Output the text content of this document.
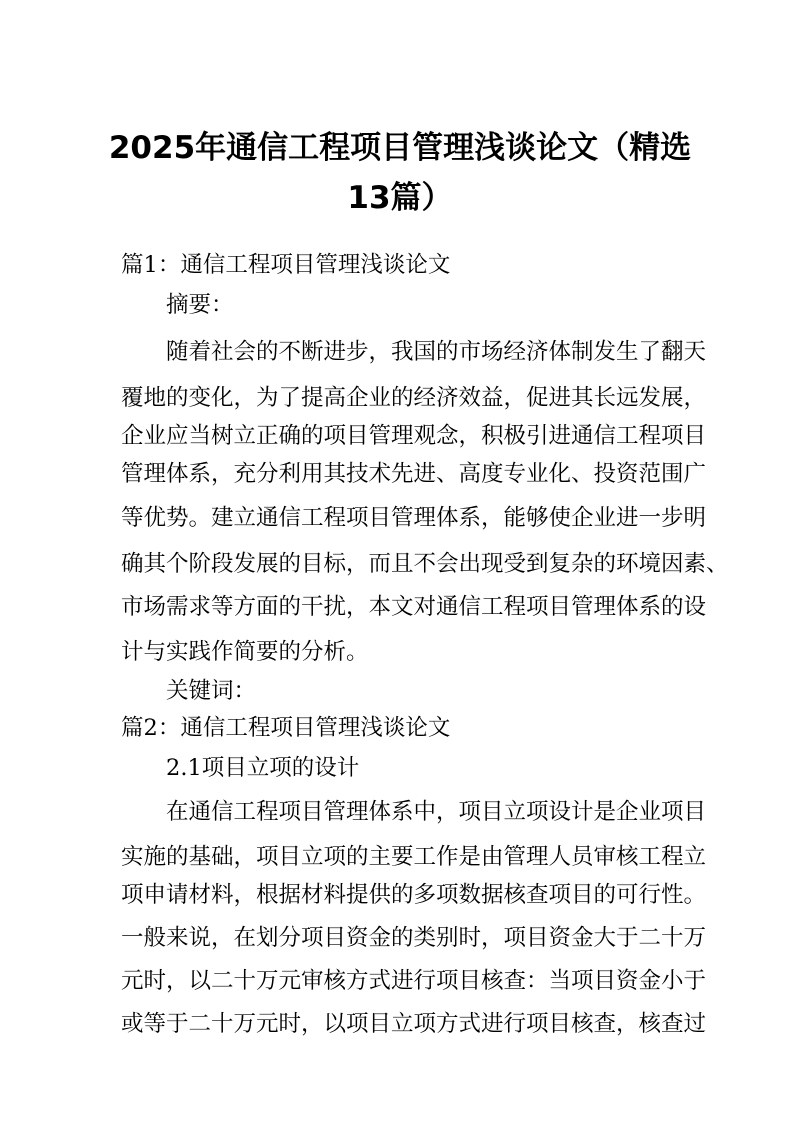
2025年通信工程项目管理浅谈论文（精选
13篇）

篇1：通信工程项目管理浅谈论文

摘要：

随着社会的不断进步，我国的市场经济体制发生了翻天

覆地的变化，为了提高企业的经济效益，促进其长远发展，

企业应当树立正确的项目管理观念，积极引进通信工程项目

管理体系，充分利用其技术先进、高度专业化、投资范围广

等优势。建立通信工程项目管理体系，能够使企业进一步明

确其个阶段发展的目标，而且不会出现受到复杂的环境因素、

市场需求等方面的干扰，本文对通信工程项目管理体系的设

计与实践作简要的分析。

关键词：

篇2：通信工程项目管理浅谈论文

2.1项目立项的设计

在通信工程项目管理体系中，项目立项设计是企业项目

实施的基础，项目立项的主要工作是由管理人员审核工程立

项申请材料，根据材料提供的多项数据核查项目的可行性。

一般来说，在划分项目资金的类别时，项目资金大于二十万

元时，以二十万元审核方式进行项目核查：当项目资金小于

或等于二十万元时，以项目立项方式进行项目核查，核查过
